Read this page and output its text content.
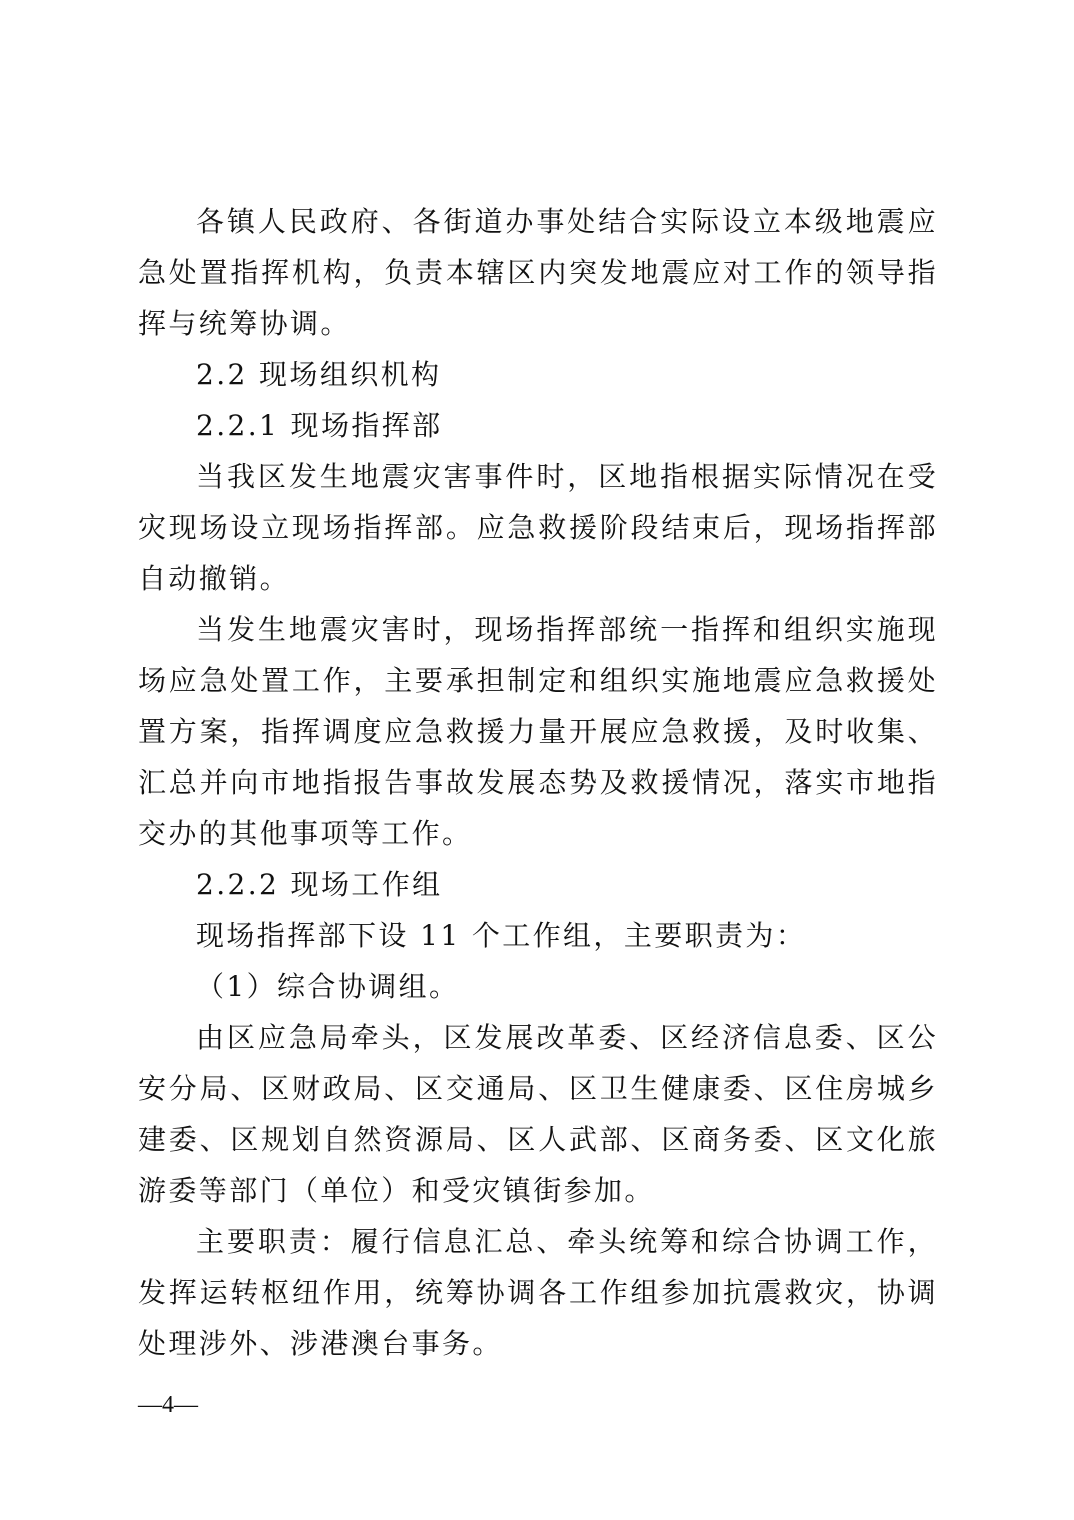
各镇人民政府、各街道办事处结合实际设立本级地震应急处置指挥机构，负责本辖区内突发地震应对工作的领导指挥与统筹协调。

2.2 现场组织机构

2.2.1 现场指挥部

当我区发生地震灾害事件时，区地指根据实际情况在受灾现场设立现场指挥部。应急救援阶段结束后，现场指挥部自动撤销。

当发生地震灾害时，现场指挥部统一指挥和组织实施现场应急处置工作，主要承担制定和组织实施地震应急救援处置方案，指挥调度应急救援力量开展应急救援，及时收集、汇总并向市地指报告事故发展态势及救援情况，落实市地指交办的其他事项等工作。

2.2.2 现场工作组

现场指挥部下设 11 个工作组，主要职责为：

（1）综合协调组。

由区应急局牵头，区发展改革委、区经济信息委、区公安分局、区财政局、区交通局、区卫生健康委、区住房城乡建委、区规划自然资源局、区人武部、区商务委、区文化旅游委等部门（单位）和受灾镇街参加。

主要职责：履行信息汇总、牵头统筹和综合协调工作，发挥运转枢纽作用，统筹协调各工作组参加抗震救灾，协调处理涉外、涉港澳台事务。

—4—
